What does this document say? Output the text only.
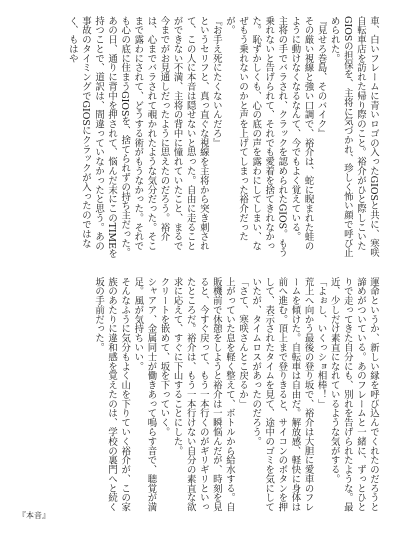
車、白いフレームに青いロゴの入ったGIOSと共に、寒咲自転車店を訪れた帰り際のこと。裕介がひと際しこいたGIOSの担保を、主将に気づかれ、珍しく怖い顔で呼び止められた。

『見せろ巻島、そのバイク』

その厳い視線と強い口調で、裕介は、蛇に睨まれた蛙のように動けなくなるなんて、今でもよく覚えている。

主将の手でバラされ、クラックを認められたGIOS。もう乗れないと告げられて、それでも愛着を捨てきれなかった。恥ずかしくも、心の底の声を露わにしてしまい、なぜもう乗れないのかと声を上げてしまった裕介だったが。

『お手え死にたくないんだろ』

というセリフと、真っ直ぐな視線を主将から突き刺されて、この人に本音は隠せないと思った。自由に走ることができない不満、主将の背中に憧れていたこと、まるで今までがお見通しだったように思えたのだろう。裕介は、心までバラされて覗かれたような気分だった。そこまで露わにされて、どうする術がもうなかった。それでも心の底に住まうGIOSを、捨てられずの持ち主だった。

あの日、通りに背中を押されて、悩んだ末にこのTIMEを持つことで、道訳は、間違っていなかったと思う。あの事故のタイミングでGIOSにクラックが入ったのではなく、もはや

運命というか、新しい縁を呼び込んでくれたのだろうと諦めがついている。あのフレームと一緒に、ずっとひとりで走ってきた自分にも、別れを告げられたような。最近、少しだけ素直になれているような気がする。

「よぉし、いくっショ相棒！」

荒上へ向かう最後の登り坂で、裕介は大胆に愛車のフレームを傾けた。自転車は自由だ。解放感、軽快に身体は前へ進む。頂上まで登りきると、サイコンのボタンを押して、表示されたタイムを見て、途中のゴミを気にしていたが、タイムロスがあったのだろう。

「さて、寒咲さんとこ戻るか」

上がっていた息を軽く整えて、ボトルから給水する。自販機前で休憩をしようと裕介は一瞬悩んだが、時刻を見ると、今すぐ戻って、もう一本行くのがギリギリといったところだ。裕介は、もう一本行けない自分の素直な欲求に応えて、すぐに下山することにした。

クリートを嵌めて、坂を下っていく。

シャアア、金属同士が働きあって鳴らす音で、聴覚が満足。風が気持ちいい。

そんなふうに気分もよく山を下りていく裕介が、この家族のあたりに違和感を覚えたのは、学校の裏門へと続く坂の手前だった。

『本音』
